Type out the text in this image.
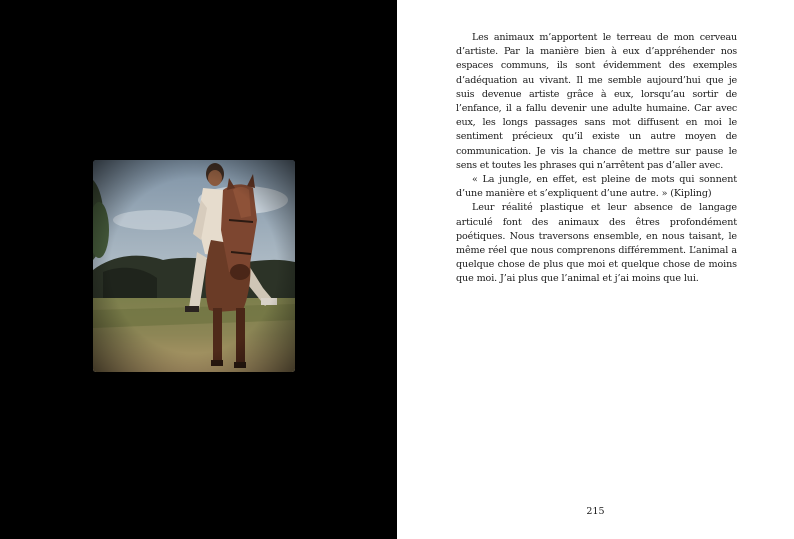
Les animaux m’apportent le terreau de mon cerveau d’artiste. Par la manière bien à eux d’appréhender nos espaces communs, ils sont évidemment des exemples d’adéquation au vivant. Il me semble aujourd’hui que je suis devenue artiste grâce à eux, lorsqu’au sortir de l’enfance, il a fallu devenir une adulte humaine. Car avec eux, les longs passages sans mot diffusent en moi le sentiment précieux qu’il existe un autre moyen de communication. Je vis la chance de mettre sur pause le sens et toutes les phrases qui n’arrêtent pas d’aller avec.

« La jungle, en effet, est pleine de mots qui sonnent d’une manière et s’expliquent d’une autre. » (Kipling)

Leur réalité plastique et leur absence de langage articulé font des animaux des êtres profondément poétiques. Nous traversons ensemble, en nous taisant, le même réel que nous comprenons différemment. L’animal a quelque chose de plus que moi et quelque chose de moins que moi. J’ai plus que l’animal et j’ai moins que lui.

215
